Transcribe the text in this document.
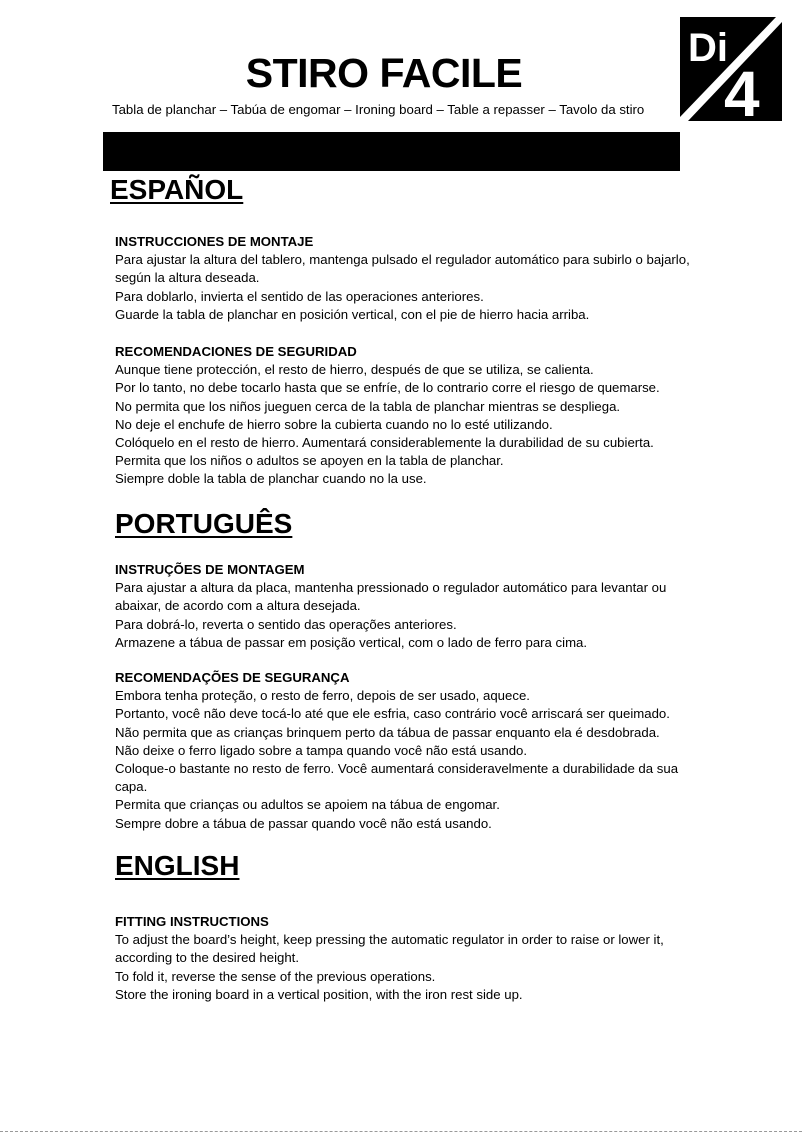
STIRO FACILE

Tabla de planchar – Tabúa de engomar – Ironing board – Table a repasser – Tavolo da stiro

Di
4
ESPAÑOL

INSTRUCCIONES DE MONTAJE

Para ajustar la altura del tablero, mantenga pulsado el regulador automático para subirlo o bajarlo, según la altura deseada.

Para doblarlo, invierta el sentido de las operaciones anteriores.

Guarde la tabla de planchar en posición vertical, con el pie de hierro hacia arriba.

RECOMENDACIONES DE SEGURIDAD

Aunque tiene protección, el resto de hierro, después de que se utiliza, se calienta.

Por lo tanto, no debe tocarlo hasta que se enfríe, de lo contrario corre el riesgo de quemarse.

No permita que los niños jueguen cerca de la tabla de planchar mientras se despliega.

No deje el enchufe de hierro sobre la cubierta cuando no lo esté utilizando.

Colóquelo en el resto de hierro. Aumentará considerablemente la durabilidad de su cubierta.

Permita que los niños o adultos se apoyen en la tabla de planchar.

Siempre doble la tabla de planchar cuando no la use.

PORTUGUÊS

INSTRUÇÕES DE MONTAGEM

Para ajustar a altura da placa, mantenha pressionado o regulador automático para levantar ou abaixar, de acordo com a altura desejada.

Para dobrá-lo, reverta o sentido das operações anteriores.

Armazene a tábua de passar em posição vertical, com o lado de ferro para cima.

RECOMENDAÇÕES DE SEGURANÇA

Embora tenha proteção, o resto de ferro, depois de ser usado, aquece.

Portanto, você não deve tocá-lo até que ele esfria, caso contrário você arriscará ser queimado.

Não permita que as crianças brinquem perto da tábua de passar enquanto ela é desdobrada.

Não deixe o ferro ligado sobre a tampa quando você não está usando.

Coloque-o bastante no resto de ferro. Você aumentará consideravelmente a durabilidade da sua capa.

Permita que crianças ou adultos se apoiem na tábua de engomar.

Sempre dobre a tábua de passar quando você não está usando.

ENGLISH

FITTING INSTRUCTIONS

To adjust the board’s height, keep pressing the automatic regulator in order to raise or lower it, according to the desired height.

To fold it, reverse the sense of the previous operations.

Store the ironing board in a vertical position, with the iron rest side up.
